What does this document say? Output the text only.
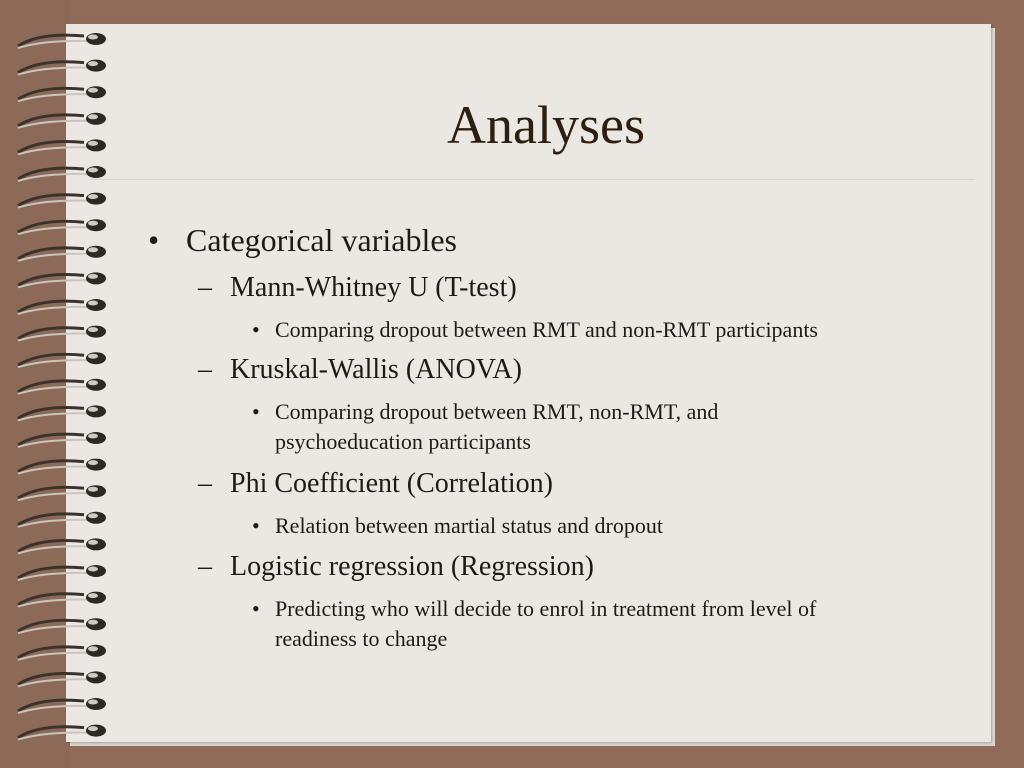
Analyses
• Categorical variables
– Mann-Whitney U (T-test)
• Comparing dropout between RMT and non-RMT participants
– Kruskal-Wallis (ANOVA)
• Comparing dropout between RMT, non-RMT, and
psychoeducation participants
– Phi Coefficient (Correlation)
• Relation between martial status and dropout
– Logistic regression (Regression)
• Predicting who will decide to enrol in treatment from level of
readiness to change
